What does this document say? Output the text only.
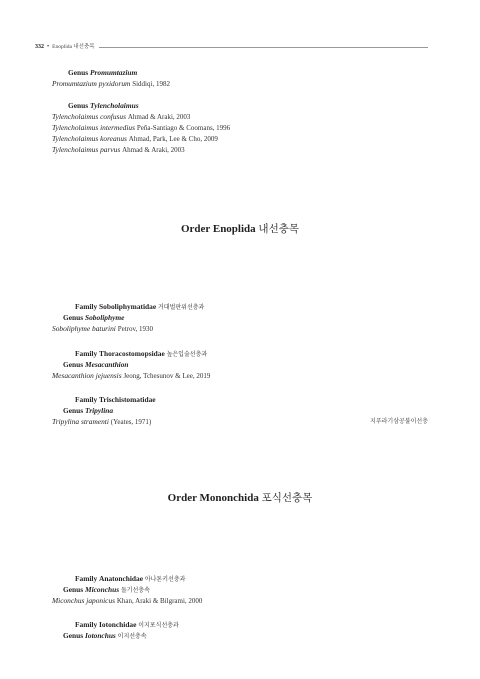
332 • Enoplida 내선충목
Genus Promumtazium
Promumtazium pyxidorum Siddiqi, 1982
Genus Tylencholaimus
Tylencholaimus confusus Ahmad & Araki, 2003
Tylencholaimus intermedius Peña-Santiago & Coomans, 1996
Tylencholaimus koreanus Ahmad, Park, Lee & Cho, 2009
Tylencholaimus parvus Ahmad & Araki, 2003
Order Enoplida 내선충목
Family Soboliphymatidae 거대벌판위선충과
Genus Soboliphyme
Soboliphyme baturini Petrov, 1930
Family Thoracostomopsidae 높은입술선충과
Genus Mesacanthion
Mesacanthion jejuensis Jeong, Tchesunov & Lee, 2019
Family Trischistomatidae
Genus Tripylina
Tripylina stramenti (Yeates, 1971)	지푸라기삼공불이선충
Order Mononchida 포식선충목
Family Anatonchidae 아나톤키선충과
Genus Miconchus 돌기선충속
Miconchus japonicus Khan, Araki & Bilgrami, 2000
Family Iotonchidae 이지포식선충과
Genus Iotonchus 이지선충속
